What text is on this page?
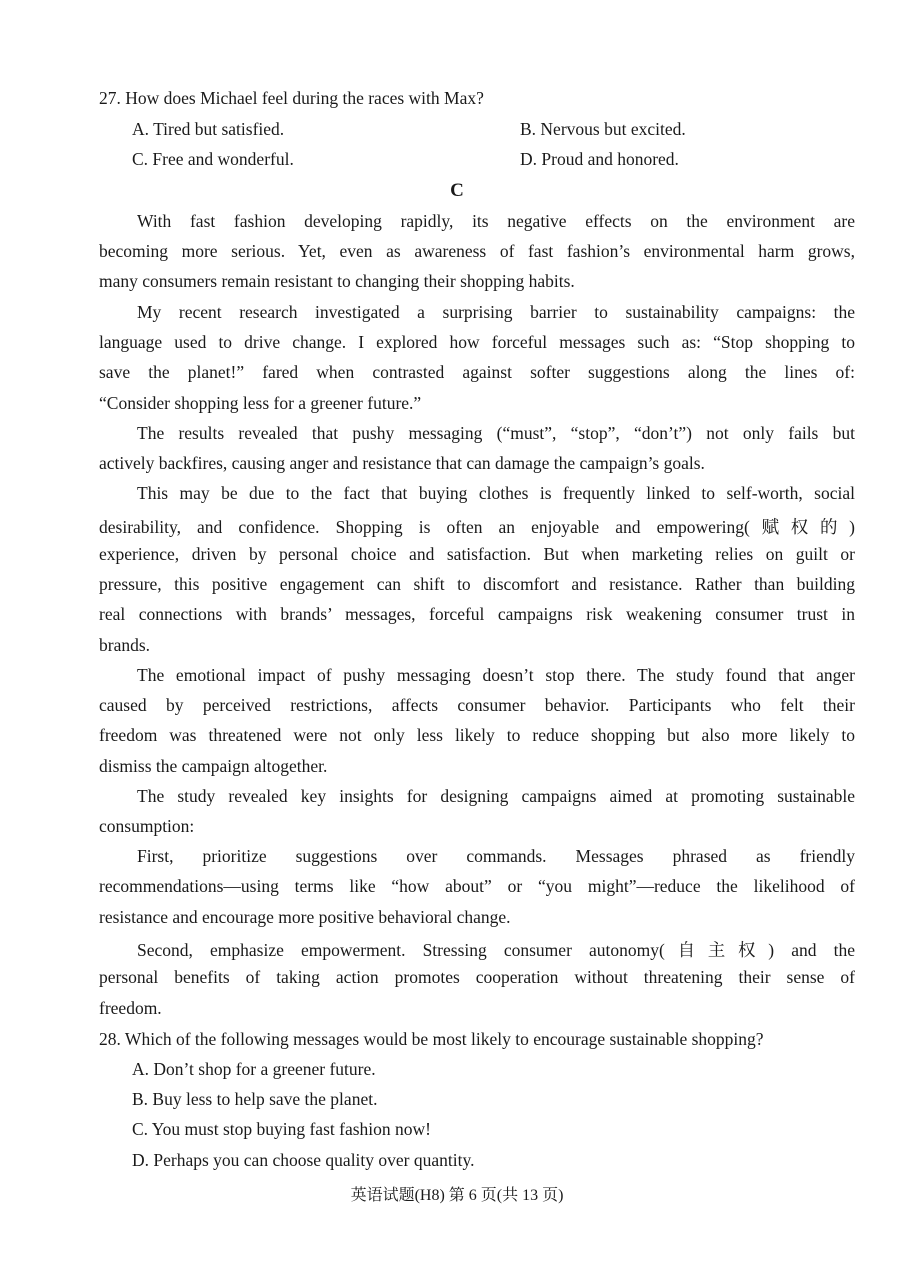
27. How does Michael feel during the races with Max?
A. Tired but satisfied.	B. Nervous but excited.
C. Free and wonderful.	D. Proud and honored.
C
With fast fashion developing rapidly, its negative effects on the environment are
becoming more serious. Yet, even as awareness of fast fashion’s environmental harm grows,
many consumers remain resistant to changing their shopping habits.
My recent research investigated a surprising barrier to sustainability campaigns: the
language used to drive change. I explored how forceful messages such as: “Stop shopping to
save the planet!” fared when contrasted against softer suggestions along the lines of:
“Consider shopping less for a greener future.”
The results revealed that pushy messaging (“must”, “stop”, “don’t”) not only fails but
actively backfires, causing anger and resistance that can damage the campaign’s goals.
This may be due to the fact that buying clothes is frequently linked to self-worth, social
desirability, and confidence. Shopping is often an enjoyable and empowering(赋权的)
experience, driven by personal choice and satisfaction. But when marketing relies on guilt or
pressure, this positive engagement can shift to discomfort and resistance. Rather than building
real connections with brands’ messages, forceful campaigns risk weakening consumer trust in
brands.
The emotional impact of pushy messaging doesn’t stop there. The study found that anger
caused by perceived restrictions, affects consumer behavior. Participants who felt their
freedom was threatened were not only less likely to reduce shopping but also more likely to
dismiss the campaign altogether.
The study revealed key insights for designing campaigns aimed at promoting sustainable
consumption:
First, prioritize suggestions over commands. Messages phrased as friendly
recommendations—using terms like “how about” or “you might”—reduce the likelihood of
resistance and encourage more positive behavioral change.
Second, emphasize empowerment. Stressing consumer autonomy(自主权) and the
personal benefits of taking action promotes cooperation without threatening their sense of
freedom.
28. Which of the following messages would be most likely to encourage sustainable shopping?
A. Don’t shop for a greener future.
B. Buy less to help save the planet.
C. You must stop buying fast fashion now!
D. Perhaps you can choose quality over quantity.
英语试题(H8) 第 6 页(共 13 页)
